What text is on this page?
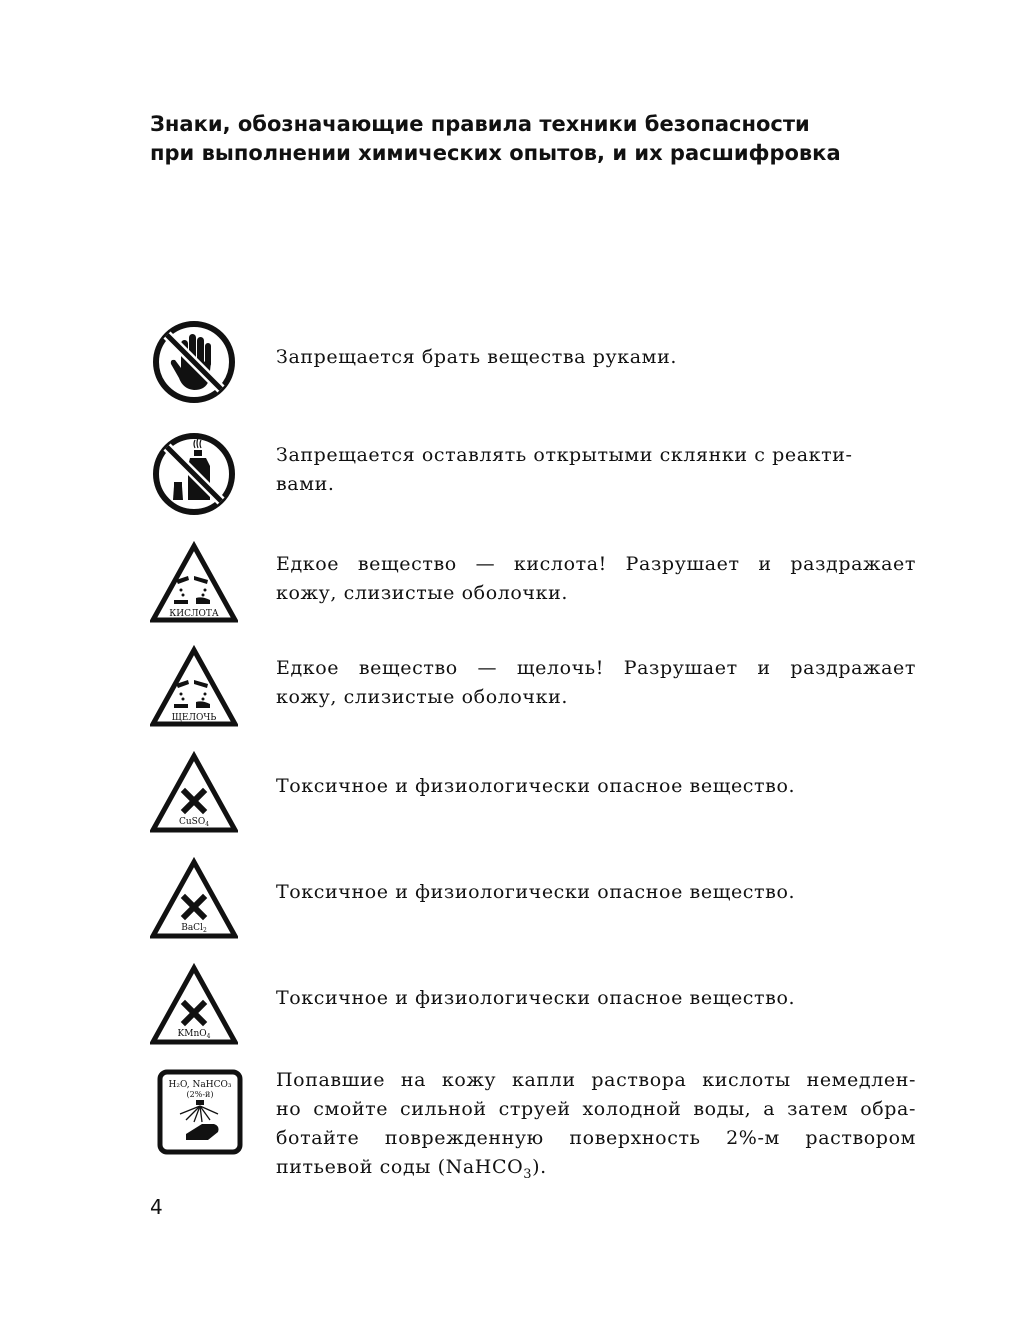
Знаки, обозначающие правила техники безопасности
при выполнении химических опытов, и их расшифровка

Запрещается брать вещества руками.

Запрещается оставлять открытыми склянки с реакти-
вами.

КИСЛОТА

Едкое вещество — кислота! Разрушает и раздражает
кожу, слизистые оболочки.

ЩЕЛОЧЬ

Едкое вещество — щелочь! Разрушает и раздражает
кожу, слизистые оболочки.

CuSO$_4$

Токсичное и физиологически опасное вещество.

BaCl$_2$

Токсичное и физиологически опасное вещество.

KMnO$_4$

Токсичное и физиологически опасное вещество.

H₂O, NaHCO₃
(2%-й)

Попавшие на кожу капли раствора кислоты немедлен-
но смойте сильной струей холодной воды, а затем обра-
ботайте поврежденную поверхность 2%-м раствором
питьевой соды (NaHCO$_3$).

4
